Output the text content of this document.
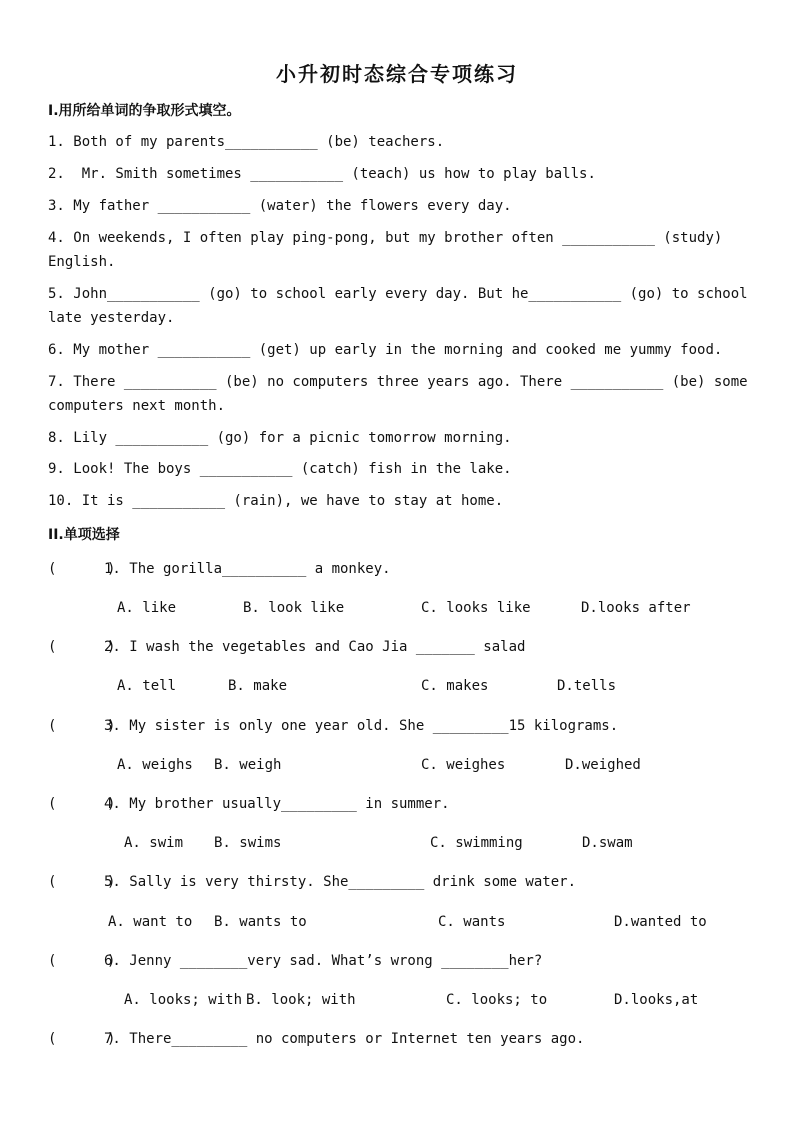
小升初时态综合专项练习
I.用所给单词的争取形式填空。
1. Both of my parents___________ (be) teachers.
2.  Mr. Smith sometimes ___________ (teach) us how to play balls.
3. My father ___________ (water) the flowers every day.
4. On weekends, I often play ping-pong, but my brother often ___________ (study)
English.
5. John___________ (go) to school early every day. But he___________ (go) to school
late yesterday.
6. My mother ___________ (get) up early in the morning and cooked me yummy food.
7. There ___________ (be) no computers three years ago. There ___________ (be) some
computers next month.
8. Lily ___________ (go) for a picnic tomorrow morning.
9. Look! The boys ___________ (catch) fish in the lake.
10. It is ___________ (rain), we have to stay at home.
II.单项选择
(      )
1. The gorilla__________ a monkey.
A. like	B. look like	C. looks like	D.looks after
(      )
2. I wash the vegetables and Cao Jia _______ salad
A. tell	B. make	C. makes	D.tells
(      )
3. My sister is only one year old. She _________15 kilograms.
A. weighs B. weigh	C. weighes	D.weighed
(      )
4. My brother usually_________ in summer.
A. swim B. swims	C. swimming	D.swam
(      )
5. Sally is very thirsty. She_________ drink some water.
A. want to B. wants to	C. wants	D.wanted to
(      )
6. Jenny ________very sad. What’s wrong ________her?
A. looks; with B. look; with	C. looks; to	D.looks,at
(      )
7. There_________ no computers or Internet ten years ago.
